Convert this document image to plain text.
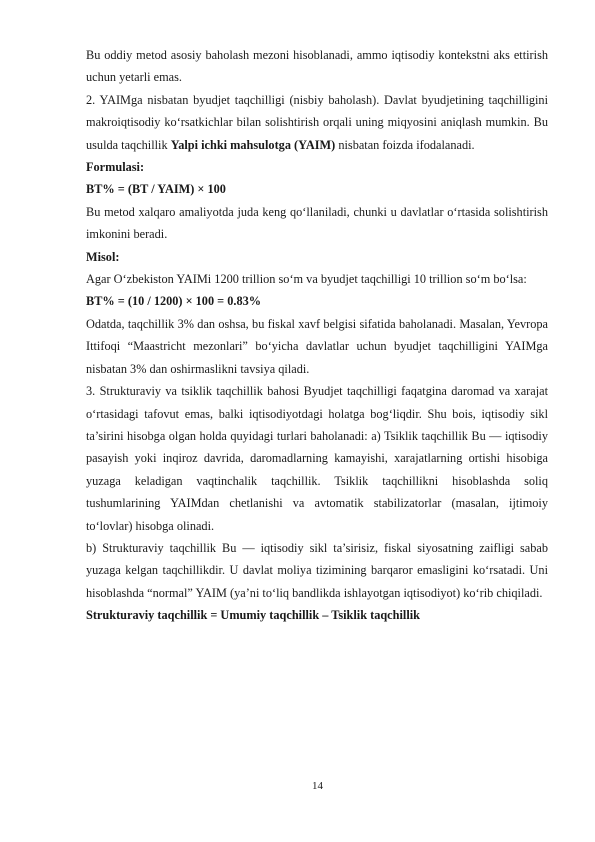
Bu oddiy metod asosiy baholash mezoni hisoblanadi, ammo iqtisodiy kontekstni aks ettirish uchun yetarli emas.

2. YAIMga nisbatan byudjet taqchilligi (nisbiy baholash). Davlat byudjetining taqchilligini makroiqtisodiy ko‘rsatkichlar bilan solishtirish orqali uning miqyosini aniqlash mumkin. Bu usulda taqchillik Yalpi ichki mahsulotga (YAIM) nisbatan foizda ifodalanadi.

Formulasi:

BT% = (BT / YAIM) × 100

Bu metod xalqaro amaliyotda juda keng qo‘llaniladi, chunki u davlatlar o‘rtasida solishtirish imkonini beradi.

Misol:

Agar O‘zbekiston YAIMi 1200 trillion so‘m va byudjet taqchilligi 10 trillion so‘m bo‘lsa:

BT% = (10 / 1200) × 100 = 0.83%

Odatda, taqchillik 3% dan oshsa, bu fiskal xavf belgisi sifatida baholanadi. Masalan, Yevropa Ittifoqi “Maastricht mezonlari” bo‘yicha davlatlar uchun byudjet taqchilligini YAIMga nisbatan 3% dan oshirmaslikni tavsiya qiladi.

3. Strukturaviy va tsiklik taqchillik bahosi Byudjet taqchilligi faqatgina daromad va xarajat o‘rtasidagi tafovut emas, balki iqtisodiyotdagi holatga bog‘liqdir. Shu bois, iqtisodiy sikl ta’sirini hisobga olgan holda quyidagi turlari baholanadi: a) Tsiklik taqchillik Bu — iqtisodiy pasayish yoki inqiroz davrida, daromadlarning kamayishi, xarajatlarning ortishi hisobiga yuzaga keladigan vaqtinchalik taqchillik. Tsiklik taqchillikni hisoblashda soliq tushumlarining YAIMdan chetlanishi va avtomatik stabilizatorlar (masalan, ijtimoiy to‘lovlar) hisobga olinadi.

b) Strukturaviy taqchillik Bu — iqtisodiy sikl ta’sirisiz, fiskal siyosatning zaifligi sabab yuzaga kelgan taqchillikdir. U davlat moliya tizimining barqaror emasligini ko‘rsatadi. Uni hisoblashda “normal” YAIM (ya’ni to‘liq bandlikda ishlayotgan iqtisodiyot) ko‘rib chiqiladi.

Strukturaviy taqchillik = Umumiy taqchillik – Tsiklik taqchillik

14
